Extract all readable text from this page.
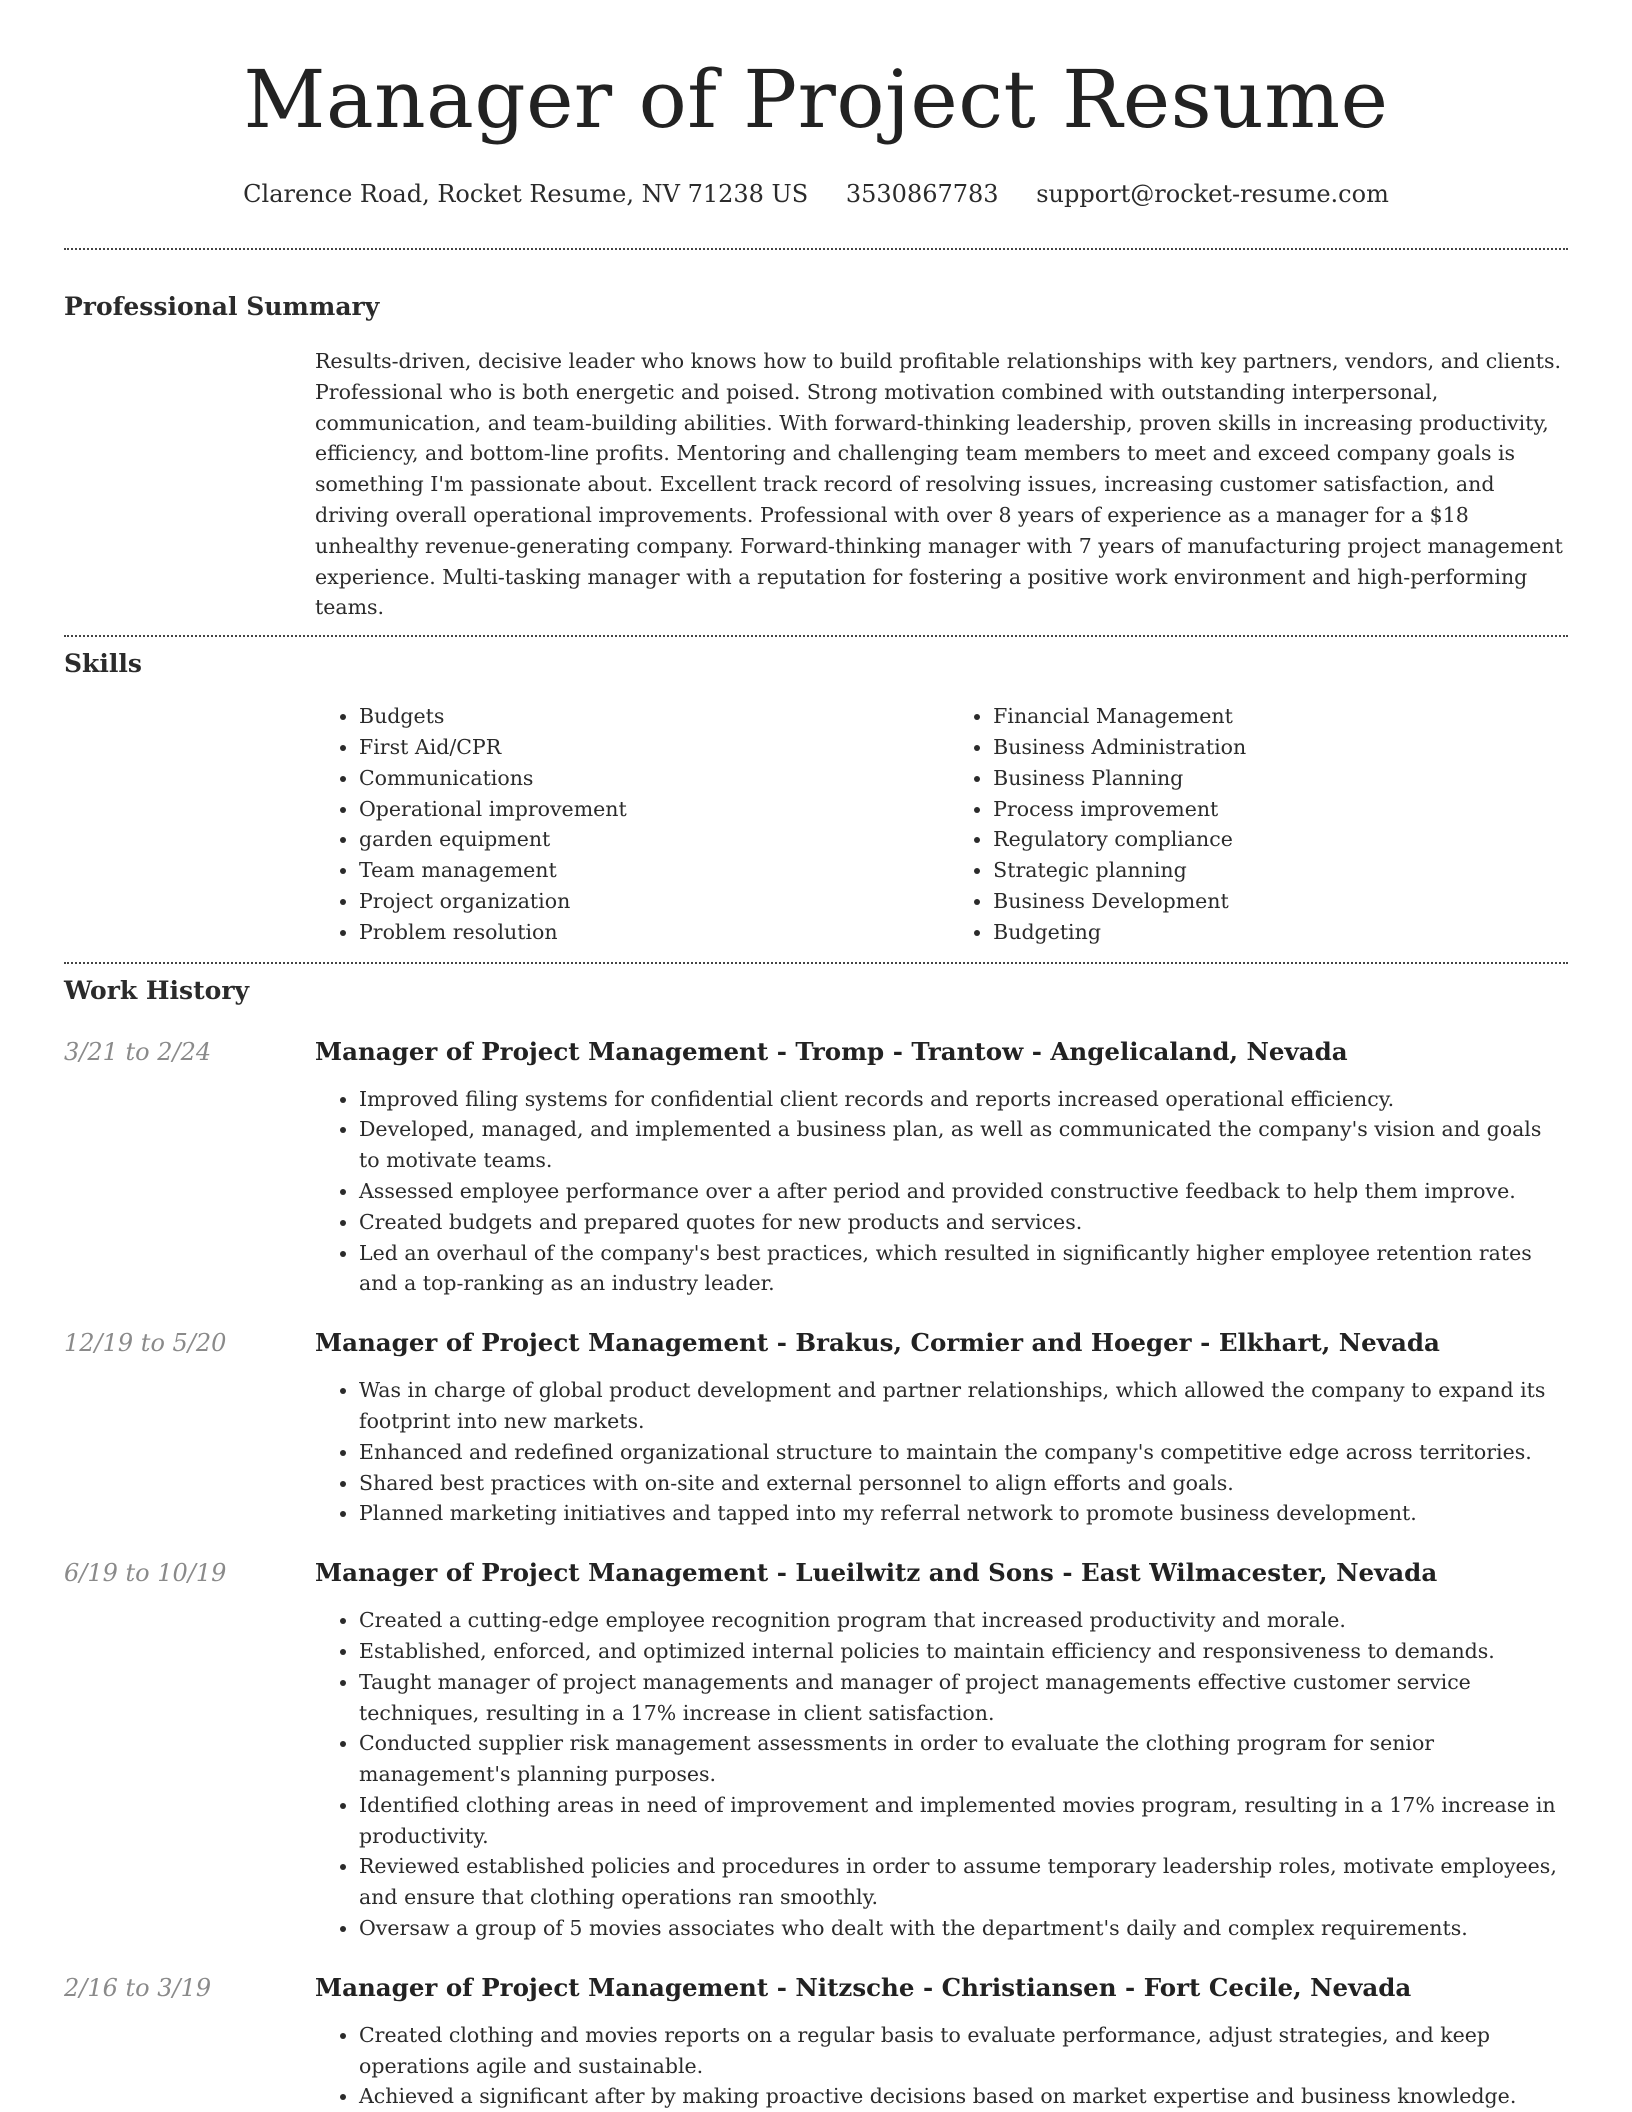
Manager of Project Resume
Clarence Road, Rocket Resume, NV 71238 US 3530867783 support@rocket-resume.com
Professional Summary

Results-driven, decisive leader who knows how to build profitable relationships with key partners, vendors, and clients. Professional who is both energetic and poised. Strong motivation combined with outstanding interpersonal, communication, and team-building abilities. With forward-thinking leadership, proven skills in increasing productivity, efficiency, and bottom-line profits. Mentoring and challenging team members to meet and exceed company goals is something I'm passionate about. Excellent track record of resolving issues, increasing customer satisfaction, and driving overall operational improvements. Professional with over 8 years of experience as a manager for a $18 unhealthy revenue-generating company. Forward-thinking manager with 7 years of manufacturing project management experience. Multi-tasking manager with a reputation for fostering a positive work environment and high-performing teams.

Skills
• Budgets
• First Aid/CPR
• Communications
• Operational improvement
• garden equipment
• Team management
• Project organization
• Problem resolution
• Financial Management
• Business Administration
• Business Planning
• Process improvement
• Regulatory compliance
• Strategic planning
• Business Development
• Budgeting
Work History
3/21 to 2/24	Manager of Project Management - Tromp - Trantow - Angelicaland, Nevada
• Improved filing systems for confidential client records and reports increased operational efficiency.
• Developed, managed, and implemented a business plan, as well as communicated the company's vision and goals to motivate teams.
• Assessed employee performance over a after period and provided constructive feedback to help them improve.
• Created budgets and prepared quotes for new products and services.
• Led an overhaul of the company's best practices, which resulted in significantly higher employee retention rates and a top-ranking as an industry leader.
12/19 to 5/20	Manager of Project Management - Brakus, Cormier and Hoeger - Elkhart, Nevada
• Was in charge of global product development and partner relationships, which allowed the company to expand its footprint into new markets.
• Enhanced and redefined organizational structure to maintain the company's competitive edge across territories.
• Shared best practices with on-site and external personnel to align efforts and goals.
• Planned marketing initiatives and tapped into my referral network to promote business development.
6/19 to 10/19	Manager of Project Management - Lueilwitz and Sons - East Wilmacester, Nevada
• Created a cutting-edge employee recognition program that increased productivity and morale.
• Established, enforced, and optimized internal policies to maintain efficiency and responsiveness to demands.
• Taught manager of project managements and manager of project managements effective customer service techniques, resulting in a 17% increase in client satisfaction.
• Conducted supplier risk management assessments in order to evaluate the clothing program for senior management's planning purposes.
• Identified clothing areas in need of improvement and implemented movies program, resulting in a 17% increase in productivity.
• Reviewed established policies and procedures in order to assume temporary leadership roles, motivate employees, and ensure that clothing operations ran smoothly.
• Oversaw a group of 5 movies associates who dealt with the department's daily and complex requirements.
2/16 to 3/19	Manager of Project Management - Nitzsche - Christiansen - Fort Cecile, Nevada
• Created clothing and movies reports on a regular basis to evaluate performance, adjust strategies, and keep operations agile and sustainable.
• Achieved a significant after by making proactive decisions based on market expertise and business knowledge.
